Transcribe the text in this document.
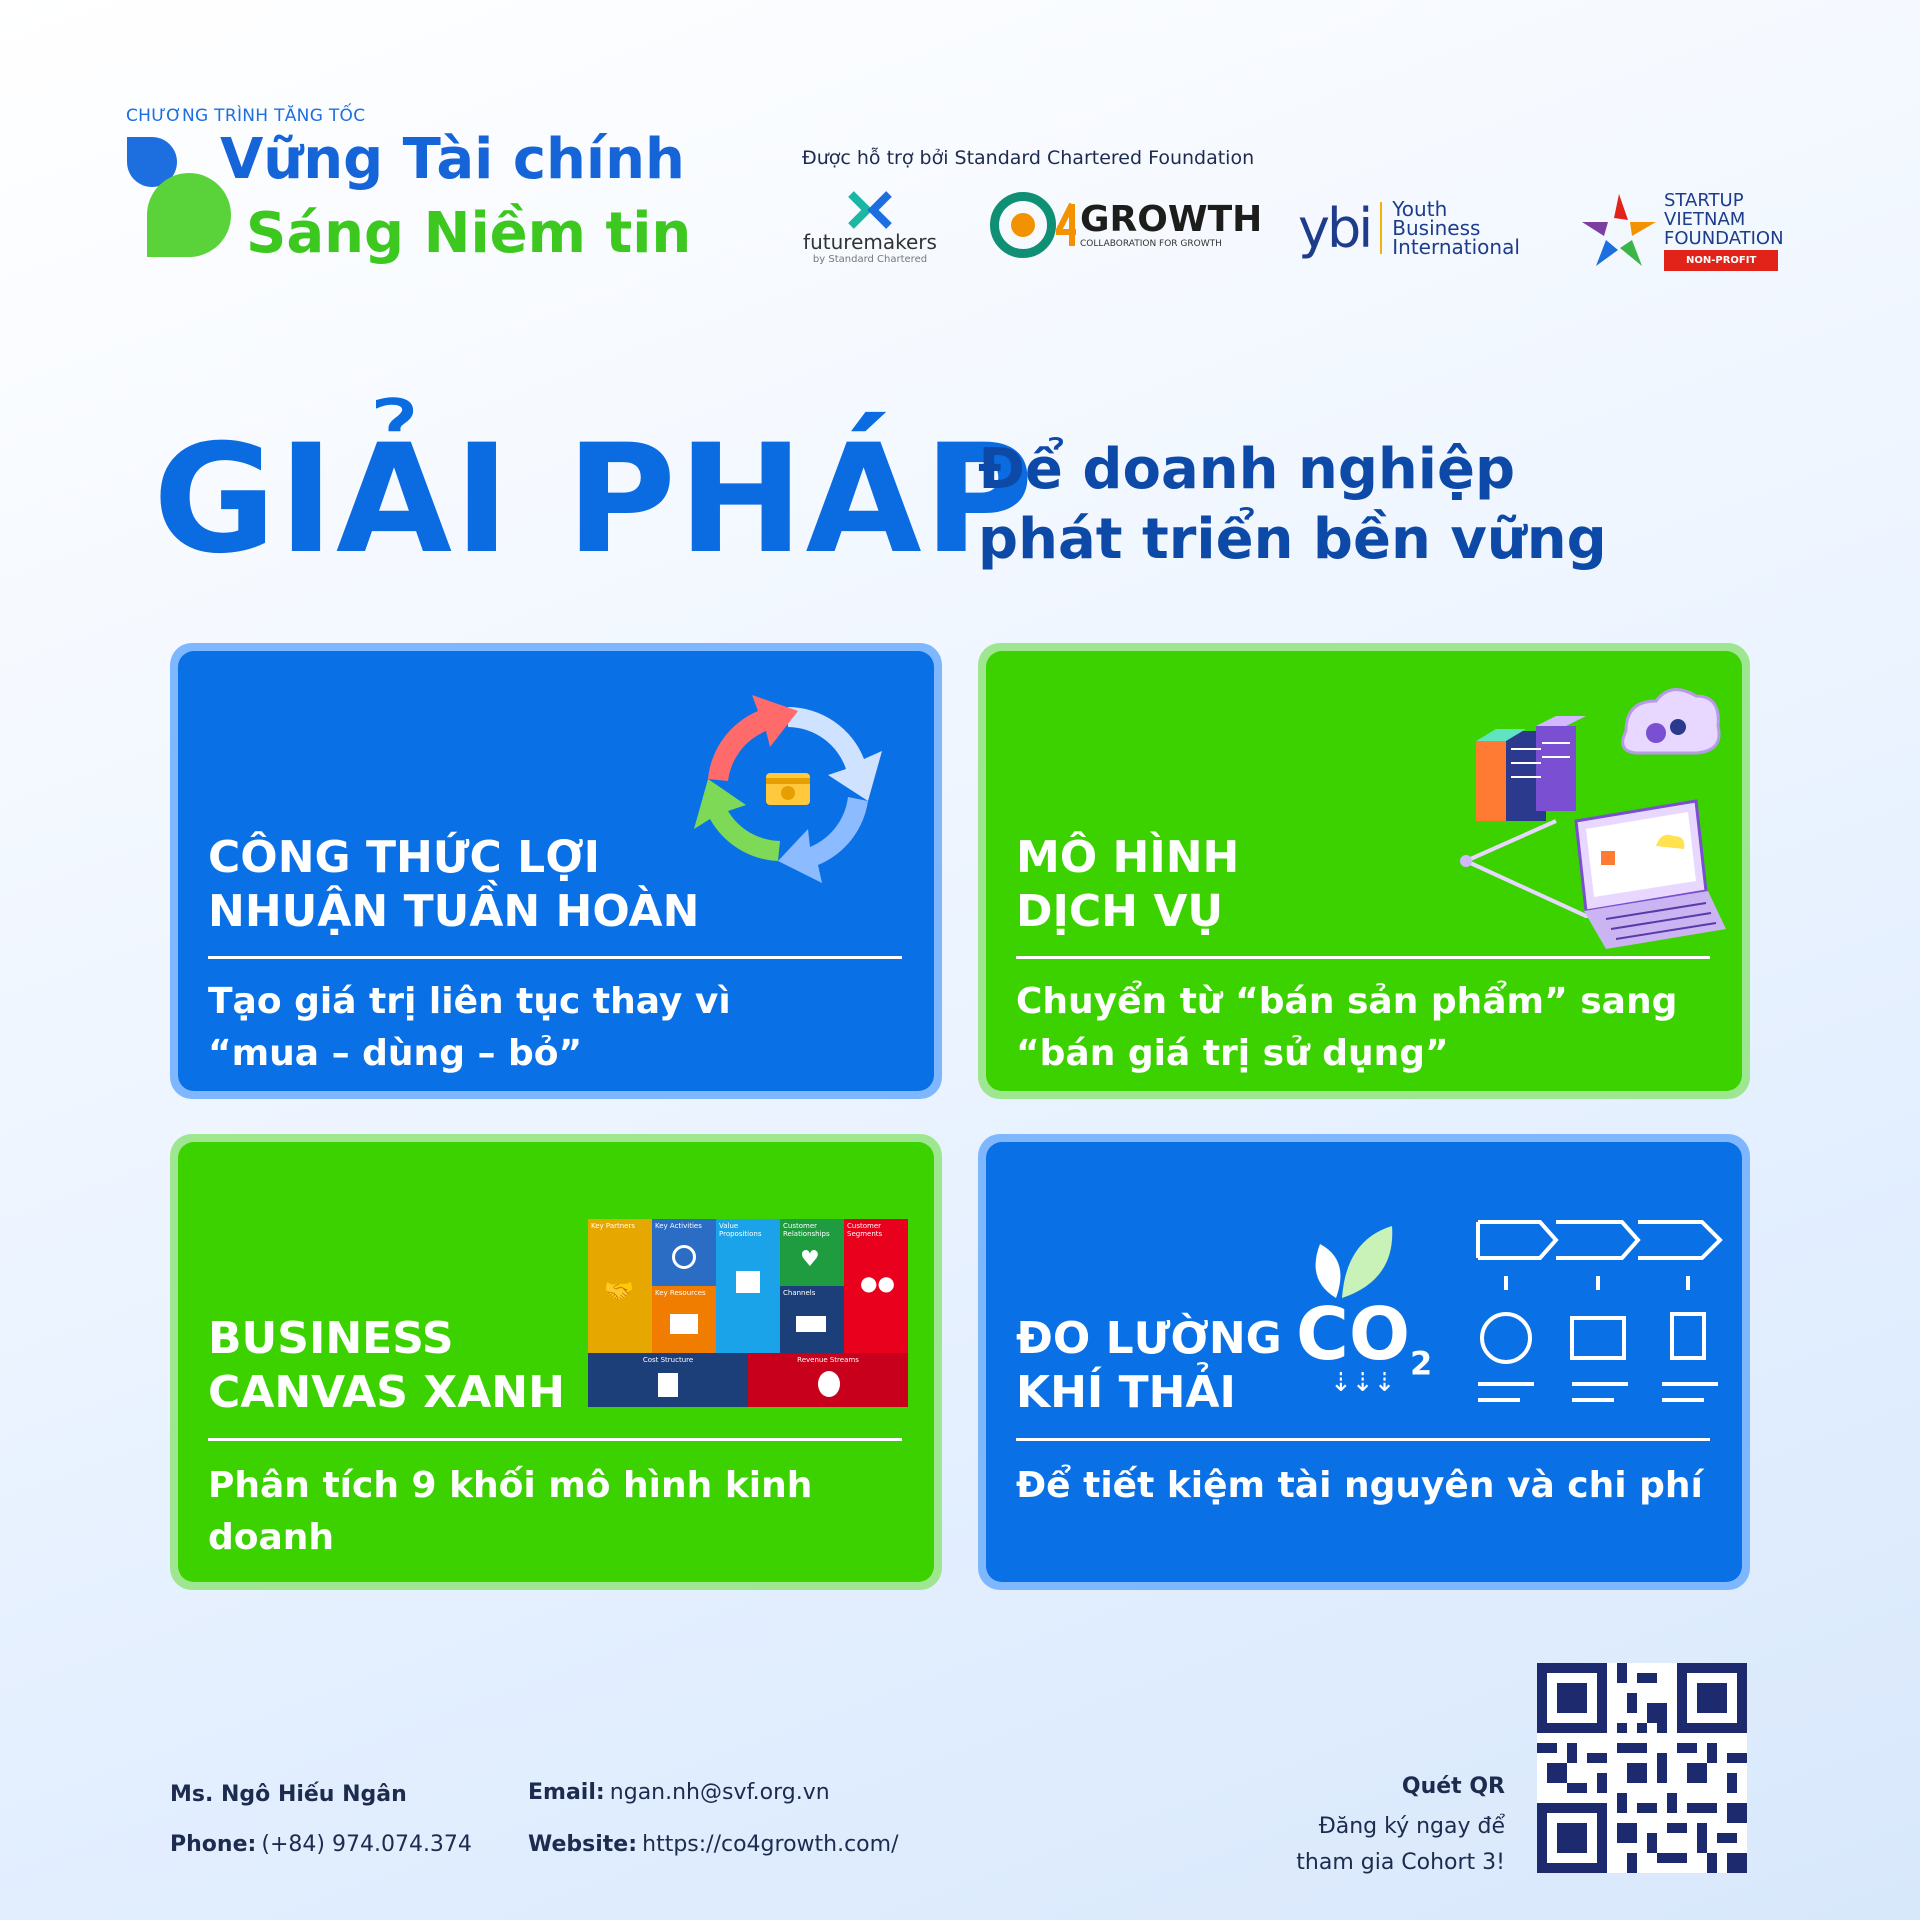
CHƯƠNG TRÌNH TĂNG TỐC
Vững Tài chính
Sáng Niềm tin
Được hỗ trợ bởi Standard Chartered Foundation
futuremakers
by Standard Chartered
GROWTH
COLLABORATION FOR GROWTH	ybi Youth
Business
International
STARTUP
VIETNAM
FOUNDATION
NON-PROFIT
GIẢI PHÁP
Để doanh nghiệp
phát triển bền vững
CÔNG THỨC LỢI
NHUẬN TUẦN HOÀN
Tạo giá trị liên tục thay vì
“mua – dùng – bỏ”
MÔ HÌNH
DỊCH VỤ
Chuyển từ “bán sản phẩm” sang
“bán giá trị sử dụng”
Key Partners
🤝
Key Activities
Key Resources
Value Propositions
Customer Relationships
♥
Channels
Customer Segments
●●
Cost Structure	Revenue Streams
BUSINESS
CANVAS XANH
Phân tích 9 khối mô hình kinh doanh
$CO_2$
⇣⇣⇣
ĐO LƯỜNG
KHÍ THẢI
Để tiết kiệm tài nguyên và chi phí
Ms. Ngô Hiếu Ngân
Phone: (+84) 974.074.374
Email: ngan.nh@svf.org.vn
Website: https://co4growth.com/
Quét QR
Đăng ký ngay để
tham gia Cohort 3!
